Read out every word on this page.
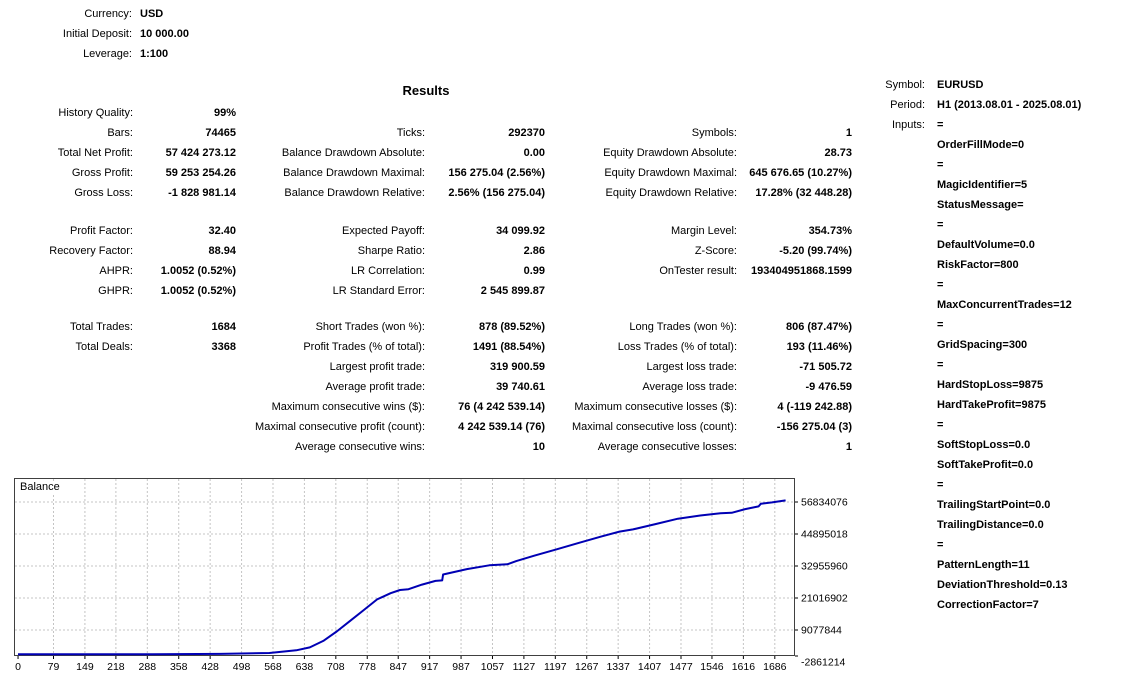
Currency: USD
Initial Deposit: 10 000.00
Leverage: 1:100
Results
History Quality:	99%
Bars:	74465	Ticks:	292370	Symbols:	1
Total Net Profit:	57 424 273.12	Balance Drawdown Absolute:	0.00	Equity Drawdown Absolute:	28.73
Gross Profit:	59 253 254.26	Balance Drawdown Maximal:	156 275.04 (2.56%)	Equity Drawdown Maximal:	645 676.65 (10.27%)
Gross Loss:	-1 828 981.14	Balance Drawdown Relative:	2.56% (156 275.04)	Equity Drawdown Relative:	17.28% (32 448.28)
Profit Factor:	32.40	Expected Payoff:	34 099.92	Margin Level:	354.73%
Recovery Factor:	88.94	Sharpe Ratio:	2.86	Z-Score:	-5.20 (99.74%)
AHPR:	1.0052 (0.52%)	LR Correlation:	0.99	OnTester result:	193404951868.1599
GHPR:	1.0052 (0.52%)	LR Standard Error:	2 545 899.87
Total Trades:	1684	Short Trades (won %):	878 (89.52%)	Long Trades (won %):	806 (87.47%)
Total Deals:	3368	Profit Trades (% of total):	1491 (88.54%)	Loss Trades (% of total):	193 (11.46%)
Largest profit trade:	319 900.59	Largest loss trade:	-71 505.72
Average profit trade:	39 740.61	Average loss trade:	-9 476.59
Maximum consecutive wins ($):	76 (4 242 539.14)	Maximum consecutive losses ($):	4 (-119 242.88)
Maximal consecutive profit (count):	4 242 539.14 (76)	Maximal consecutive loss (count):	-156 275.04 (3)
Average consecutive wins:	10	Average consecutive losses:	1
Symbol: EURUSD
Period: H1 (2013.08.01 - 2025.08.01)
Inputs: =
OrderFillMode=0
=
MagicIdentifier=5
StatusMessage=
=
DefaultVolume=0.0
RiskFactor=800
=
MaxConcurrentTrades=12
=
GridSpacing=300
=
HardStopLoss=9875
HardTakeProfit=9875
=
SoftStopLoss=0.0
SoftTakeProfit=0.0
=
TrailingStartPoint=0.0
TrailingDistance=0.0
=
PatternLength=11
DeviationThreshold=0.13
CorrectionFactor=7
56834076
44895018
32955960
21016902
9077844
-2861214
0	79 149 218 288 358 428 498 568 638 708 778 847 917 987 1057 1127 1197 1267 1337 1407 1477 1546 1616 1686
Balance
